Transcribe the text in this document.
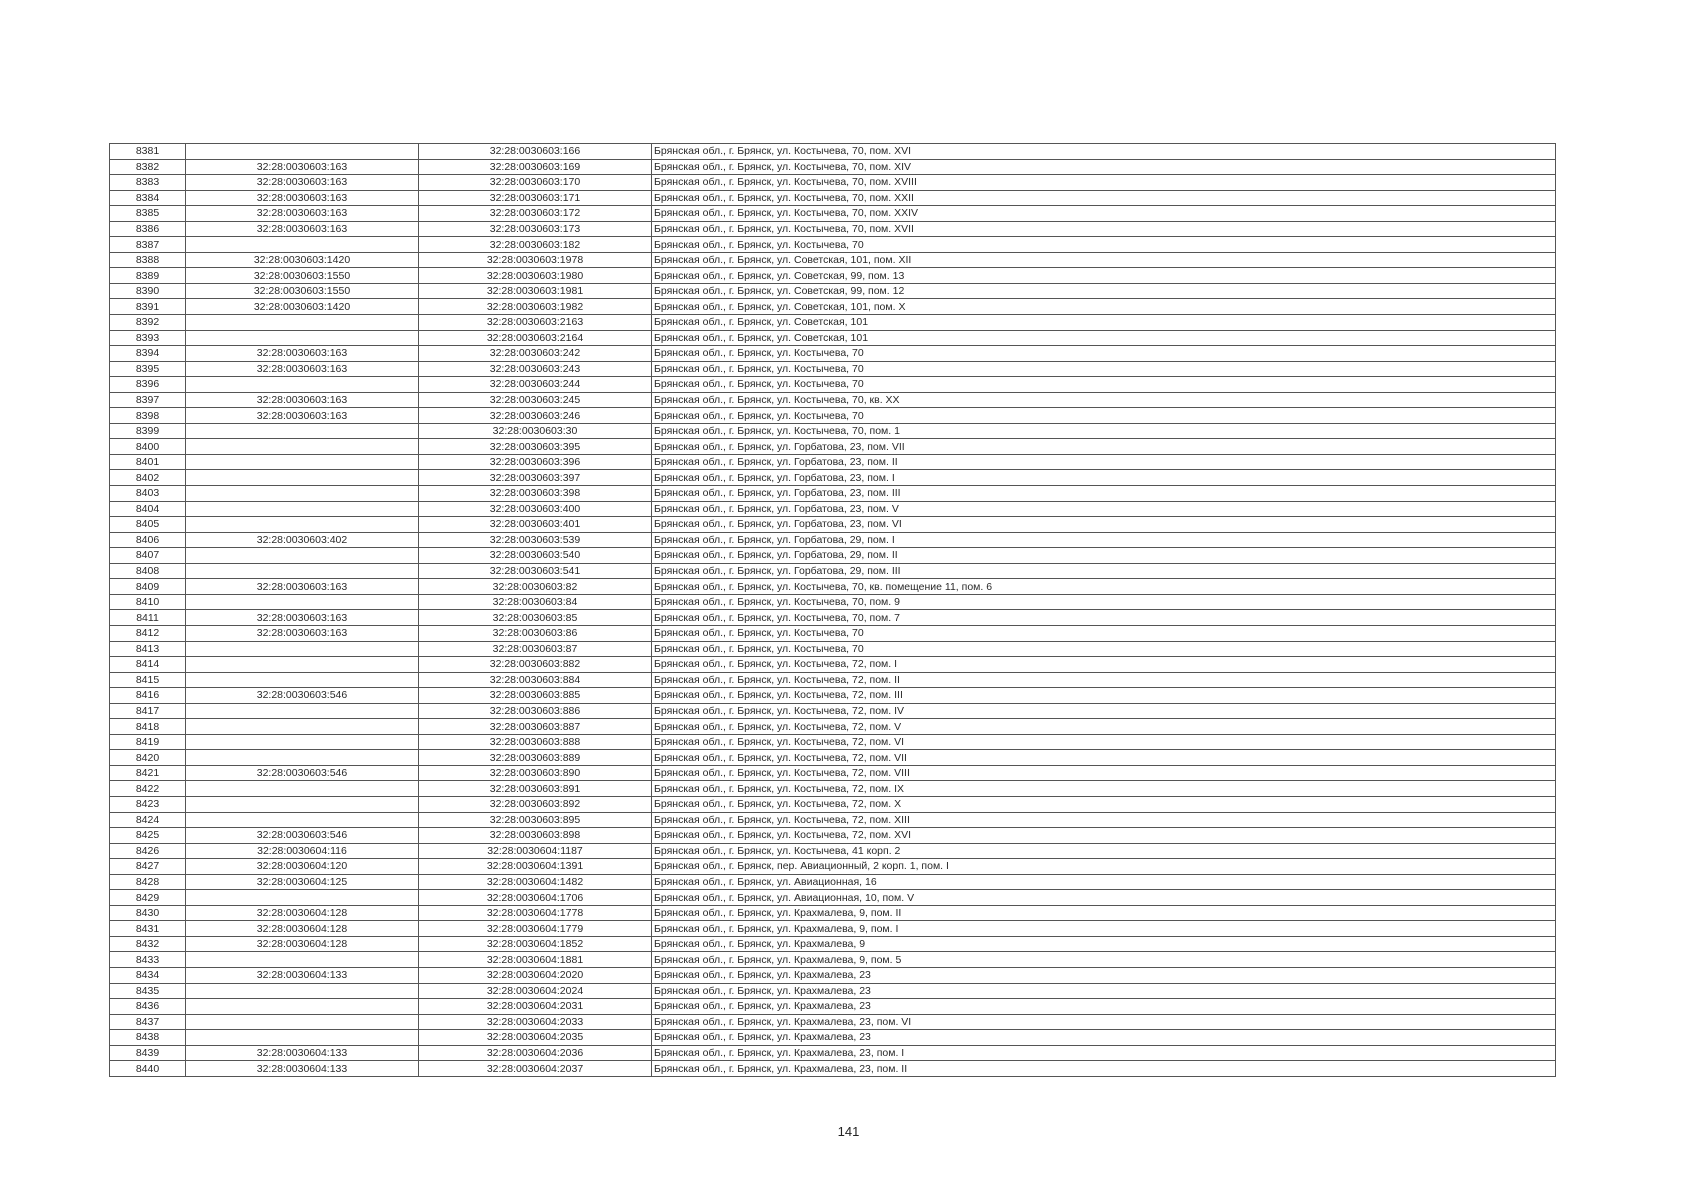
8381		32:28:0030603:166	Брянская обл., г. Брянск, ул. Костычева, 70, пом. XVI
8382	32:28:0030603:163	32:28:0030603:169	Брянская обл., г. Брянск, ул. Костычева, 70, пом. XIV
8383	32:28:0030603:163	32:28:0030603:170	Брянская обл., г. Брянск, ул. Костычева, 70, пом. XVIII
8384	32:28:0030603:163	32:28:0030603:171	Брянская обл., г. Брянск, ул. Костычева, 70, пом. XXII
8385	32:28:0030603:163	32:28:0030603:172	Брянская обл., г. Брянск, ул. Костычева, 70, пом. XXIV
8386	32:28:0030603:163	32:28:0030603:173	Брянская обл., г. Брянск, ул. Костычева, 70, пом. XVII
8387		32:28:0030603:182	Брянская обл., г. Брянск, ул. Костычева, 70
8388	32:28:0030603:1420	32:28:0030603:1978	Брянская обл., г. Брянск, ул. Советская, 101, пом. XII
8389	32:28:0030603:1550	32:28:0030603:1980	Брянская обл., г. Брянск, ул. Советская, 99, пом. 13
8390	32:28:0030603:1550	32:28:0030603:1981	Брянская обл., г. Брянск, ул. Советская, 99, пом. 12
8391	32:28:0030603:1420	32:28:0030603:1982	Брянская обл., г. Брянск, ул. Советская, 101, пом. X
8392		32:28:0030603:2163	Брянская обл., г. Брянск, ул. Советская, 101
8393		32:28:0030603:2164	Брянская обл., г. Брянск, ул. Советская, 101
8394	32:28:0030603:163	32:28:0030603:242	Брянская обл., г. Брянск, ул. Костычева, 70
8395	32:28:0030603:163	32:28:0030603:243	Брянская обл., г. Брянск, ул. Костычева, 70
8396		32:28:0030603:244	Брянская обл., г. Брянск, ул. Костычева, 70
8397	32:28:0030603:163	32:28:0030603:245	Брянская обл., г. Брянск, ул. Костычева, 70, кв. XX
8398	32:28:0030603:163	32:28:0030603:246	Брянская обл., г. Брянск, ул. Костычева, 70
8399		32:28:0030603:30	Брянская обл., г. Брянск, ул. Костычева, 70, пом. 1
8400		32:28:0030603:395	Брянская обл., г. Брянск, ул. Горбатова, 23, пом. VII
8401		32:28:0030603:396	Брянская обл., г. Брянск, ул. Горбатова, 23, пом. II
8402		32:28:0030603:397	Брянская обл., г. Брянск, ул. Горбатова, 23, пом. I
8403		32:28:0030603:398	Брянская обл., г. Брянск, ул. Горбатова, 23, пом. III
8404		32:28:0030603:400	Брянская обл., г. Брянск, ул. Горбатова, 23, пом. V
8405		32:28:0030603:401	Брянская обл., г. Брянск, ул. Горбатова, 23, пом. VI
8406	32:28:0030603:402	32:28:0030603:539	Брянская обл., г. Брянск, ул. Горбатова, 29, пом. I
8407		32:28:0030603:540	Брянская обл., г. Брянск, ул. Горбатова, 29, пом. II
8408		32:28:0030603:541	Брянская обл., г. Брянск, ул. Горбатова, 29, пом. III
8409	32:28:0030603:163	32:28:0030603:82	Брянская обл., г. Брянск, ул. Костычева, 70, кв. помещение 11, пом. 6
8410		32:28:0030603:84	Брянская обл., г. Брянск, ул. Костычева, 70, пом. 9
8411	32:28:0030603:163	32:28:0030603:85	Брянская обл., г. Брянск, ул. Костычева, 70, пом. 7
8412	32:28:0030603:163	32:28:0030603:86	Брянская обл., г. Брянск, ул. Костычева, 70
8413		32:28:0030603:87	Брянская обл., г. Брянск, ул. Костычева, 70
8414		32:28:0030603:882	Брянская обл., г. Брянск, ул. Костычева, 72, пом. I
8415		32:28:0030603:884	Брянская обл., г. Брянск, ул. Костычева, 72, пом. II
8416	32:28:0030603:546	32:28:0030603:885	Брянская обл., г. Брянск, ул. Костычева, 72, пом. III
8417		32:28:0030603:886	Брянская обл., г. Брянск, ул. Костычева, 72, пом. IV
8418		32:28:0030603:887	Брянская обл., г. Брянск, ул. Костычева, 72, пом. V
8419		32:28:0030603:888	Брянская обл., г. Брянск, ул. Костычева, 72, пом. VI
8420		32:28:0030603:889	Брянская обл., г. Брянск, ул. Костычева, 72, пом. VII
8421	32:28:0030603:546	32:28:0030603:890	Брянская обл., г. Брянск, ул. Костычева, 72, пом. VIII
8422		32:28:0030603:891	Брянская обл., г. Брянск, ул. Костычева, 72, пом. IX
8423		32:28:0030603:892	Брянская обл., г. Брянск, ул. Костычева, 72, пом. X
8424		32:28:0030603:895	Брянская обл., г. Брянск, ул. Костычева, 72, пом. XIII
8425	32:28:0030603:546	32:28:0030603:898	Брянская обл., г. Брянск, ул. Костычева, 72, пом. XVI
8426	32:28:0030604:116	32:28:0030604:1187	Брянская обл., г. Брянск, ул. Костычева, 41 корп. 2
8427	32:28:0030604:120	32:28:0030604:1391	Брянская обл., г. Брянск, пер. Авиационный, 2 корп. 1, пом. I
8428	32:28:0030604:125	32:28:0030604:1482	Брянская обл., г. Брянск, ул. Авиационная, 16
8429		32:28:0030604:1706	Брянская обл., г. Брянск, ул. Авиационная, 10, пом. V
8430	32:28:0030604:128	32:28:0030604:1778	Брянская обл., г. Брянск, ул. Крахмалева, 9, пом. II
8431	32:28:0030604:128	32:28:0030604:1779	Брянская обл., г. Брянск, ул. Крахмалева, 9, пом. I
8432	32:28:0030604:128	32:28:0030604:1852	Брянская обл., г. Брянск, ул. Крахмалева, 9
8433		32:28:0030604:1881	Брянская обл., г. Брянск, ул. Крахмалева, 9, пом. 5
8434	32:28:0030604:133	32:28:0030604:2020	Брянская обл., г. Брянск, ул. Крахмалева, 23
8435		32:28:0030604:2024	Брянская обл., г. Брянск, ул. Крахмалева, 23
8436		32:28:0030604:2031	Брянская обл., г. Брянск, ул. Крахмалева, 23
8437		32:28:0030604:2033	Брянская обл., г. Брянск, ул. Крахмалева, 23, пом. VI
8438		32:28:0030604:2035	Брянская обл., г. Брянск, ул. Крахмалева, 23
8439	32:28:0030604:133	32:28:0030604:2036	Брянская обл., г. Брянск, ул. Крахмалева, 23, пом. I
8440	32:28:0030604:133	32:28:0030604:2037	Брянская обл., г. Брянск, ул. Крахмалева, 23, пом. II
141
